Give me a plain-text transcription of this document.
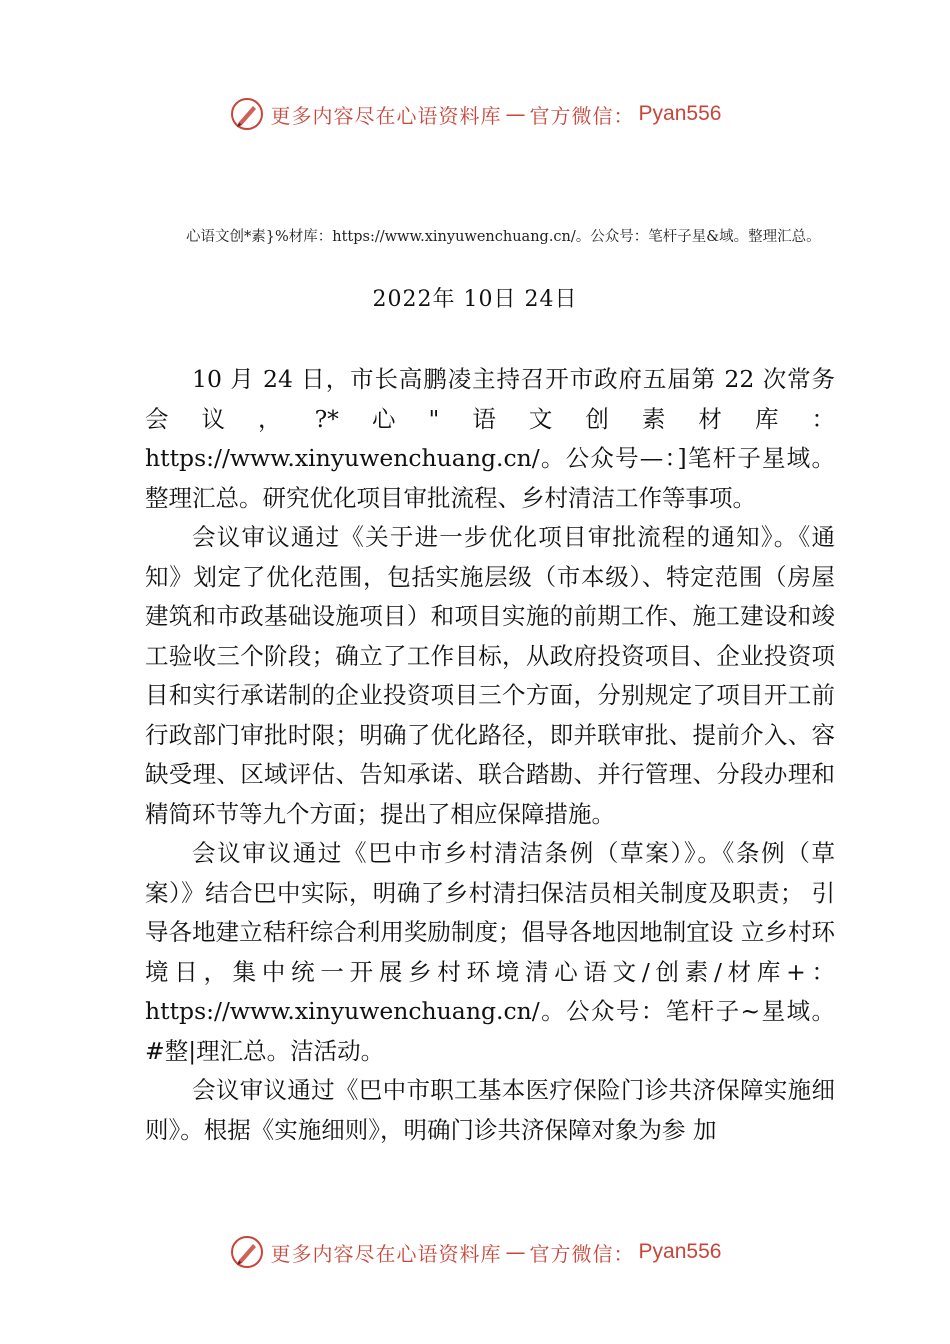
更多内容尽在心语资料库 — 官方微信： Pyan556
心语文创*素}%材库：https://www.xinyuwenchuang.cn/。公众号：笔杆子星&域。整理汇总。
2022年 10日 24日

10 月 24 日，市长高鹏凌主持召开市政府五届第 22 次常务会议，?*心"语文创素材库：https://www.xinyuwenchuang.cn/。公众号—：]笔杆子星域。整理汇总。研究优化项目审批流程、乡村清洁工作等事项。

会议审议通过《关于进一步优化项目审批流程的通知》。《通知》划定了优化范围，包括实施层级（市本级）、特定范围（房屋建筑和市政基础设施项目）和项目实施的前期工作、施工建设和竣工验收三个阶段；确立了工作目标，从政府投资项目、企业投资项目和实行承诺制的企业投资项目三个方面，分别规定了项目开工前行政部门审批时限；明确了优化路径，即并联审批、提前介入、容缺受理、区域评估、告知承诺、联合踏勘、并行管理、分段办理和精简环节等九个方面；提出了相应保障措施。

会议审议通过《巴中市乡村清洁条例（草案）》。《条例（草 案）》结合巴中实际，明确了乡村清扫保洁员相关制度及职责； 引导各地建立秸秆综合利用奖励制度；倡导各地因地制宜设 立乡村环境日，集中统一开展乡村环境清心语文/创素/材库+：https://www.xinyuwenchuang.cn/。公众号：笔杆子~星域。#整|理汇总。洁活动。

会议审议通过《巴中市职工基本医疗保险门诊共济保障实施细则》。根据《实施细则》，明确门诊共济保障对象为参 加

更多内容尽在心语资料库 — 官方微信： Pyan556
